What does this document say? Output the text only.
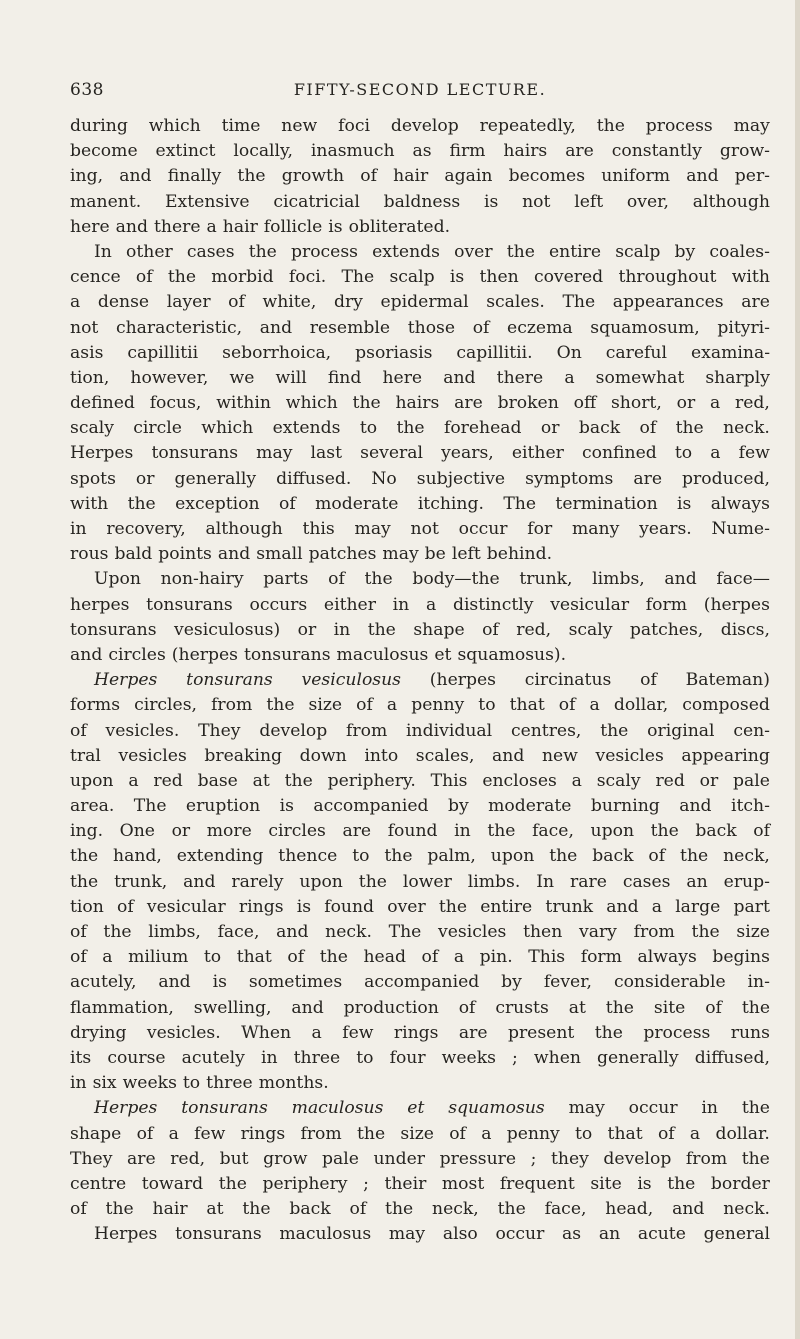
638	FIFTY-SECOND LECTURE.
during which time new foci develop repeatedly, the process may
become extinct locally, inasmuch as firm hairs are constantly grow-
ing, and finally the growth of hair again becomes uniform and per-
manent. Extensive cicatricial baldness is not left over, although
here and there a hair follicle is obliterated.
In other cases the process extends over the entire scalp by coales-
cence of the morbid foci. The scalp is then covered throughout with
a dense layer of white, dry epidermal scales. The appearances are
not characteristic, and resemble those of eczema squamosum, pityri-
asis capillitii seborrhoica, psoriasis capillitii. On careful examina-
tion, however, we will find here and there a somewhat sharply
defined focus, within which the hairs are broken off short, or a red,
scaly circle which extends to the forehead or back of the neck.
Herpes tonsurans may last several years, either confined to a few
spots or generally diffused. No subjective symptoms are produced,
with the exception of moderate itching. The termination is always
in recovery, although this may not occur for many years. Nume-
rous bald points and small patches may be left behind.
Upon non-hairy parts of the body—the trunk, limbs, and face—
herpes tonsurans occurs either in a distinctly vesicular form (herpes
tonsurans vesiculosus) or in the shape of red, scaly patches, discs,
and circles (herpes tonsurans maculosus et squamosus).
Herpes tonsurans vesiculosus (herpes circinatus of Bateman)
forms circles, from the size of a penny to that of a dollar, composed
of vesicles. They develop from individual centres, the original cen-
tral vesicles breaking down into scales, and new vesicles appearing
upon a red base at the periphery. This encloses a scaly red or pale
area. The eruption is accompanied by moderate burning and itch-
ing. One or more circles are found in the face, upon the back of
the hand, extending thence to the palm, upon the back of the neck,
the trunk, and rarely upon the lower limbs. In rare cases an erup-
tion of vesicular rings is found over the entire trunk and a large part
of the limbs, face, and neck. The vesicles then vary from the size
of a milium to that of the head of a pin. This form always begins
acutely, and is sometimes accompanied by fever, considerable in-
flammation, swelling, and production of crusts at the site of the
drying vesicles. When a few rings are present the process runs
its course acutely in three to four weeks ; when generally diffused,
in six weeks to three months.
Herpes tonsurans maculosus et squamosus may occur in the
shape of a few rings from the size of a penny to that of a dollar.
They are red, but grow pale under pressure ; they develop from the
centre toward the periphery ; their most frequent site is the border
of the hair at the back of the neck, the face, head, and neck.
Herpes tonsurans maculosus may also occur as an acute general
